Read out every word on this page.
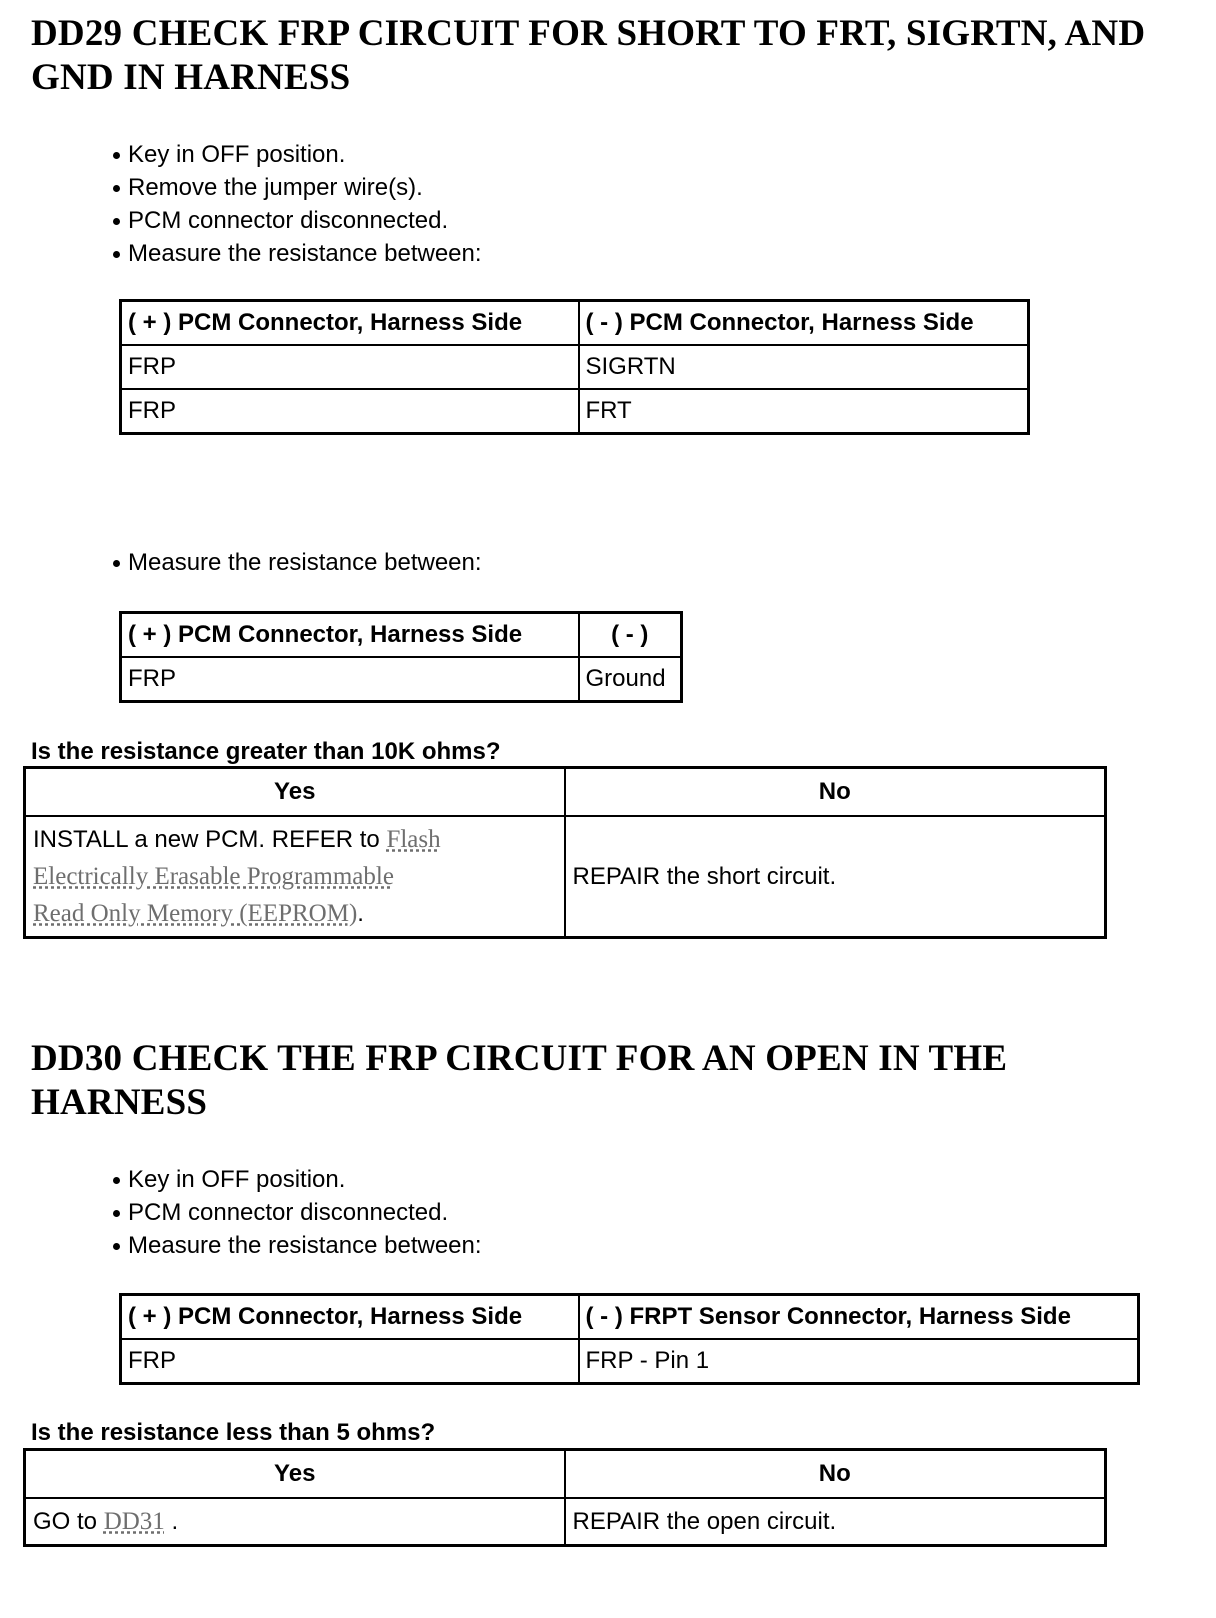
DD29 CHECK FRP CIRCUIT FOR SHORT TO FRT, SIGRTN, AND
GND IN HARNESS
Key in OFF position.
Remove the jumper wire(s).
PCM connector disconnected.
Measure the resistance between:
( + ) PCM Connector, Harness Side	( - ) PCM Connector, Harness Side
FRP	SIGRTN
FRP	FRT

Measure the resistance between:

( + ) PCM Connector, Harness Side	( - )
FRP	Ground

Is the resistance greater than 10K ohms?

Yes	No
INSTALL a new PCM. REFER to Flash
Electrically Erasable Programmable
Read Only Memory (EEPROM).	REPAIR the short circuit.
DD30 CHECK THE FRP CIRCUIT FOR AN OPEN IN THE
HARNESS
Key in OFF position.
PCM connector disconnected.
Measure the resistance between:
( + ) PCM Connector, Harness Side	( - ) FRPT Sensor Connector, Harness Side
FRP	FRP - Pin 1

Is the resistance less than 5 ohms?

Yes	No
GO to DD31 .	REPAIR the open circuit.
